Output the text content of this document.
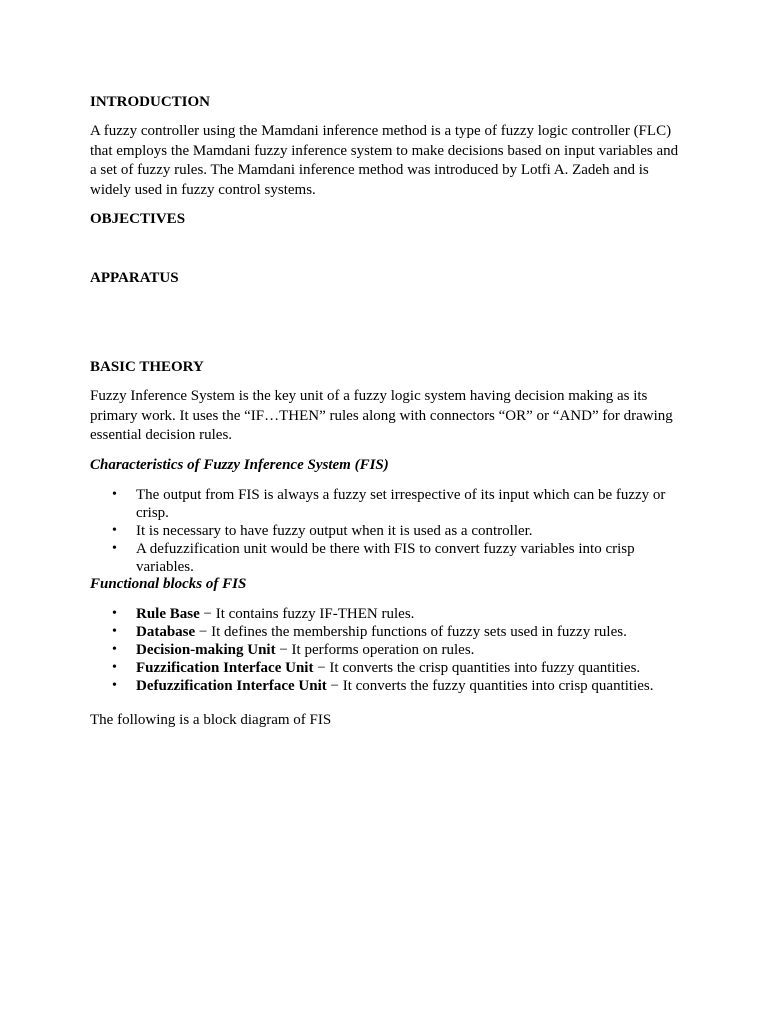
INTRODUCTION

A fuzzy controller using the Mamdani inference method is a type of fuzzy logic controller (FLC) that employs the Mamdani fuzzy inference system to make decisions based on input variables and a set of fuzzy rules. The Mamdani inference method was introduced by Lotfi A. Zadeh and is widely used in fuzzy control systems.

OBJECTIVES

APPARATUS

BASIC THEORY

Fuzzy Inference System is the key unit of a fuzzy logic system having decision making as its primary work. It uses the “IF…THEN” rules along with connectors “OR” or “AND” for drawing essential decision rules.

Characteristics of Fuzzy Inference System (FIS)

• The output from FIS is always a fuzzy set irrespective of its input which can be fuzzy or crisp.
• It is necessary to have fuzzy output when it is used as a controller.
• A defuzzification unit would be there with FIS to convert fuzzy variables into crisp variables.

Functional blocks of FIS

• Rule Base − It contains fuzzy IF-THEN rules.
• Database − It defines the membership functions of fuzzy sets used in fuzzy rules.
• Decision-making Unit − It performs operation on rules.
• Fuzzification Interface Unit − It converts the crisp quantities into fuzzy quantities.
• Defuzzification Interface Unit − It converts the fuzzy quantities into crisp quantities.

The following is a block diagram of FIS
